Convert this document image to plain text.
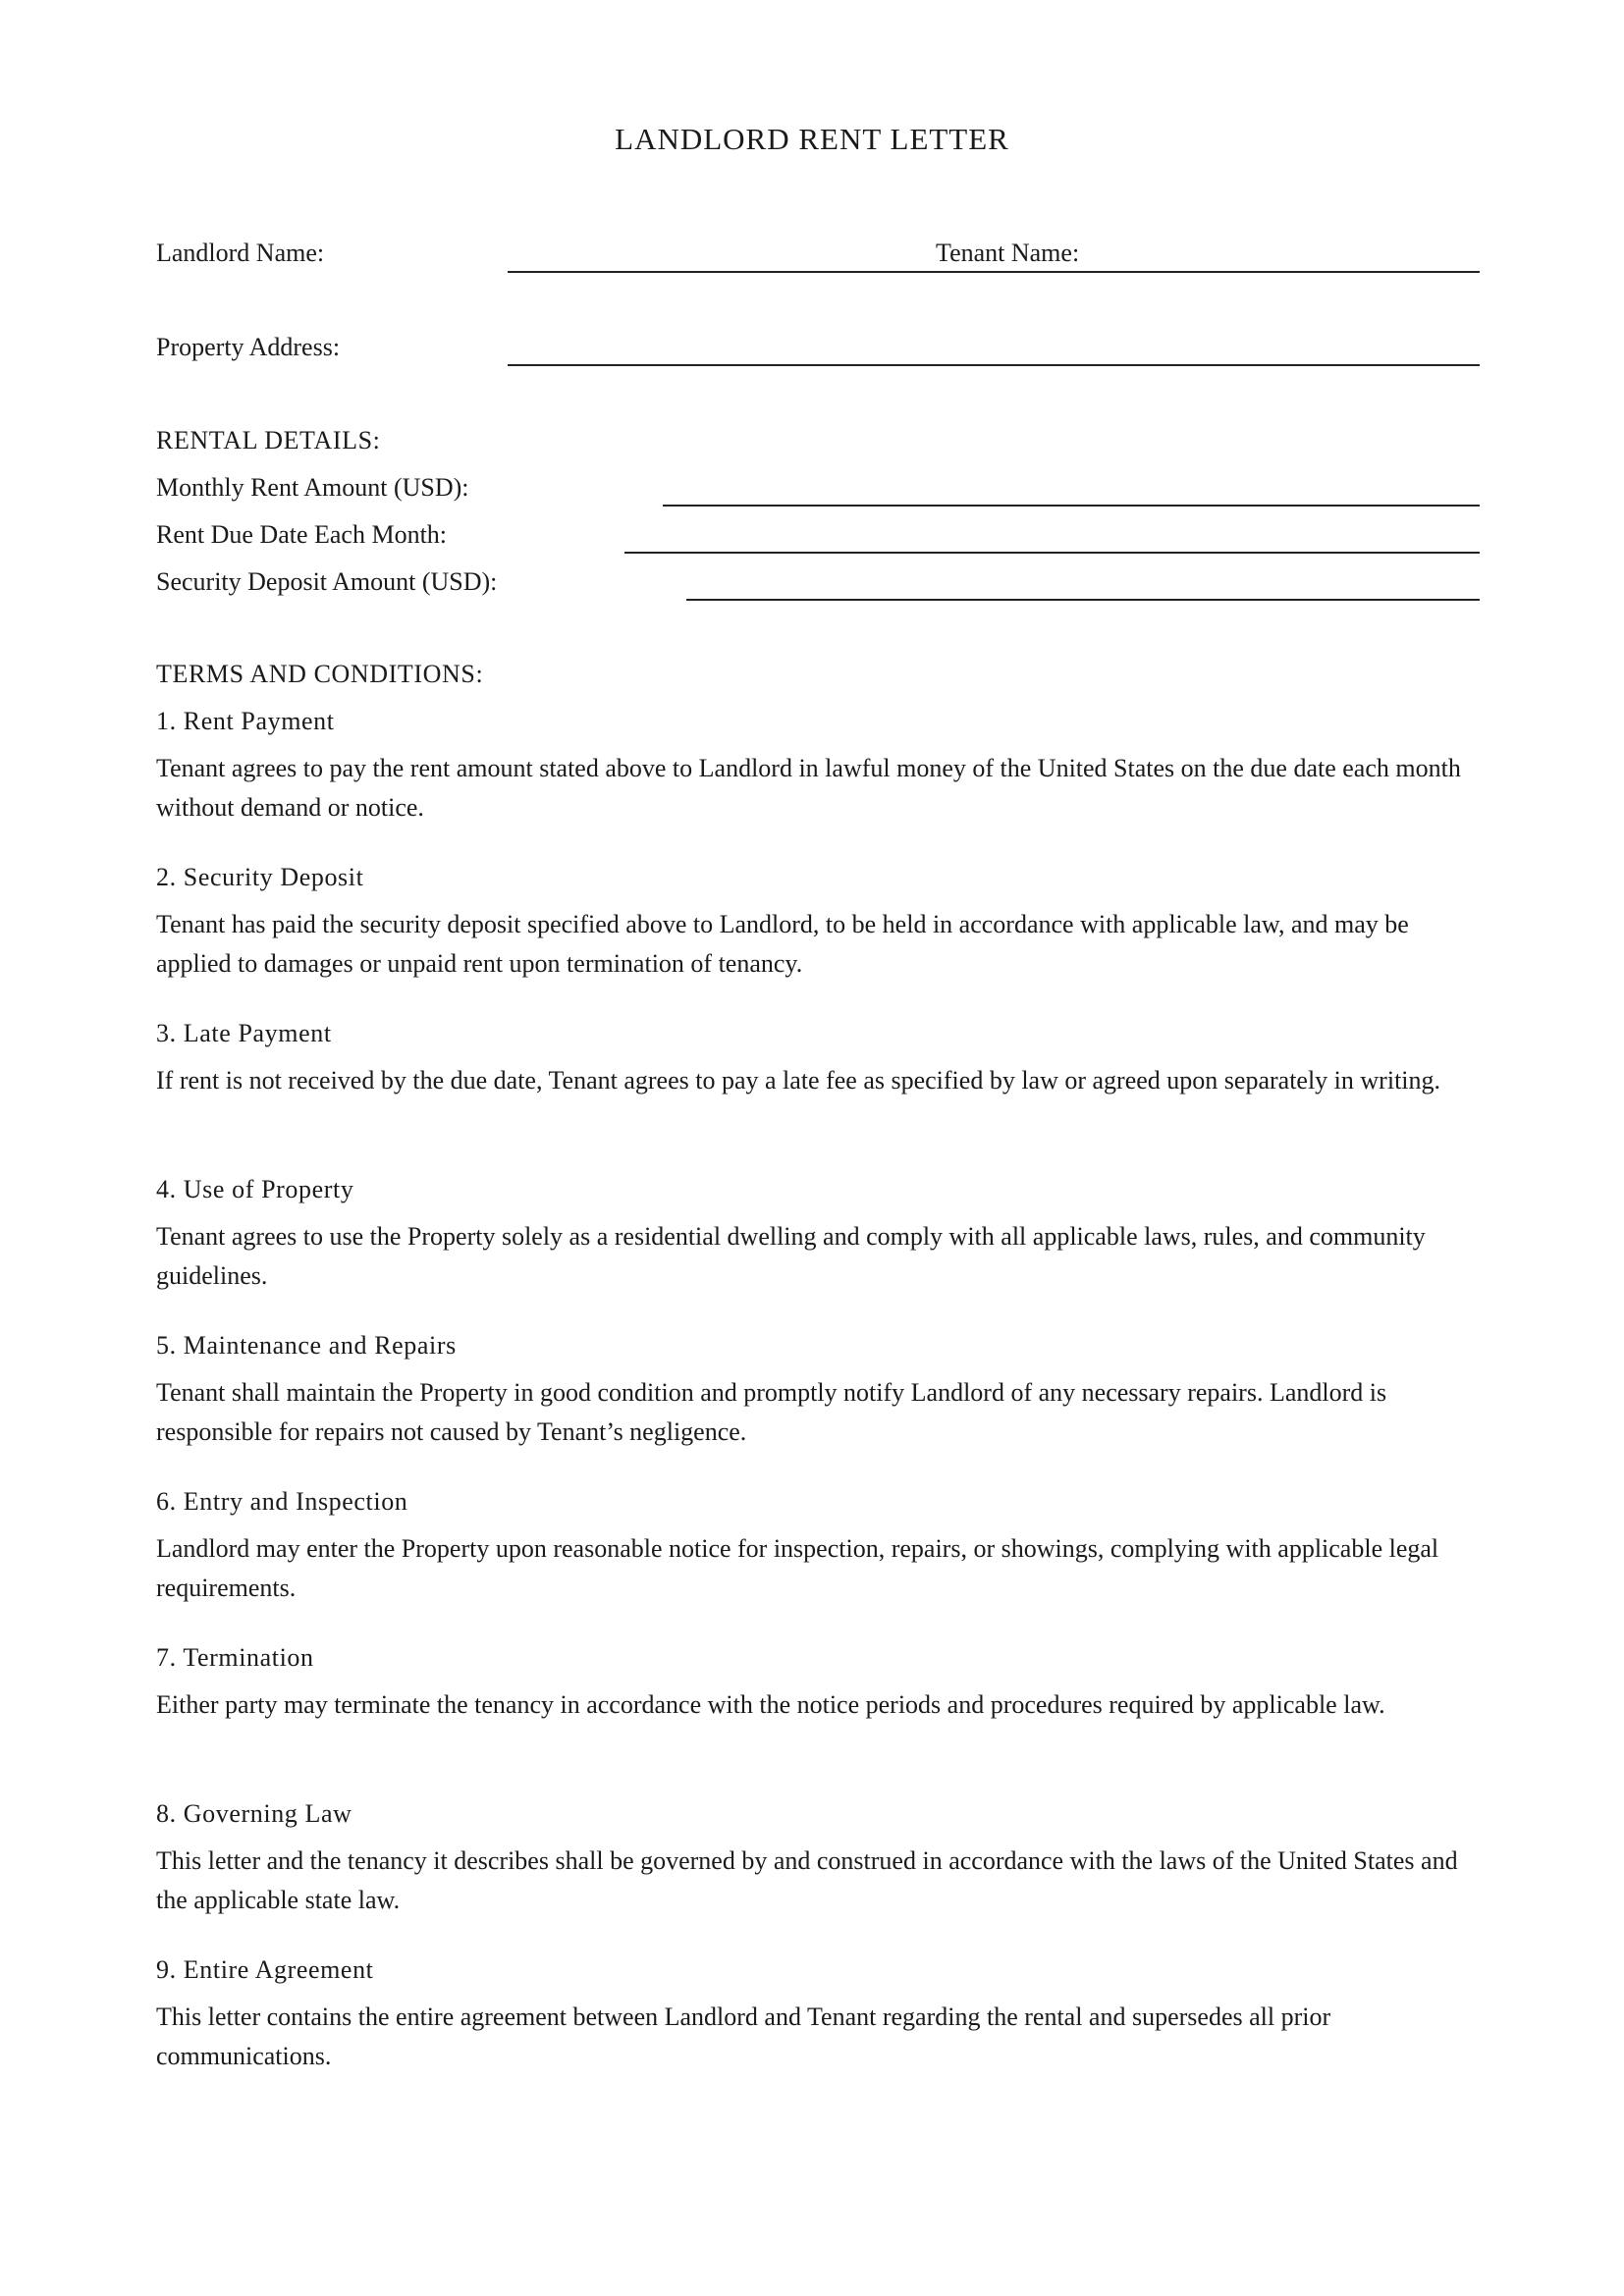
LANDLORD RENT LETTER
Landlord Name:	Tenant Name:
Property Address:
RENTAL DETAILS:
Monthly Rent Amount (USD):
Rent Due Date Each Month:
Security Deposit Amount (USD):
TERMS AND CONDITIONS:
1. Rent Payment
Tenant agrees to pay the rent amount stated above to Landlord in lawful money of the United States on the due date each month without demand or notice.
2. Security Deposit
Tenant has paid the security deposit specified above to Landlord, to be held in accordance with applicable law, and may be applied to damages or unpaid rent upon termination of tenancy.
3. Late Payment
If rent is not received by the due date, Tenant agrees to pay a late fee as specified by law or agreed upon separately in writing.
4. Use of Property
Tenant agrees to use the Property solely as a residential dwelling and comply with all applicable laws, rules, and community guidelines.
5. Maintenance and Repairs
Tenant shall maintain the Property in good condition and promptly notify Landlord of any necessary repairs. Landlord is responsible for repairs not caused by Tenant’s negligence.
6. Entry and Inspection
Landlord may enter the Property upon reasonable notice for inspection, repairs, or showings, complying with applicable legal requirements.
7. Termination
Either party may terminate the tenancy in accordance with the notice periods and procedures required by applicable law.
8. Governing Law
This letter and the tenancy it describes shall be governed by and construed in accordance with the laws of the United States and the applicable state law.
9. Entire Agreement
This letter contains the entire agreement between Landlord and Tenant regarding the rental and supersedes all prior communications.
